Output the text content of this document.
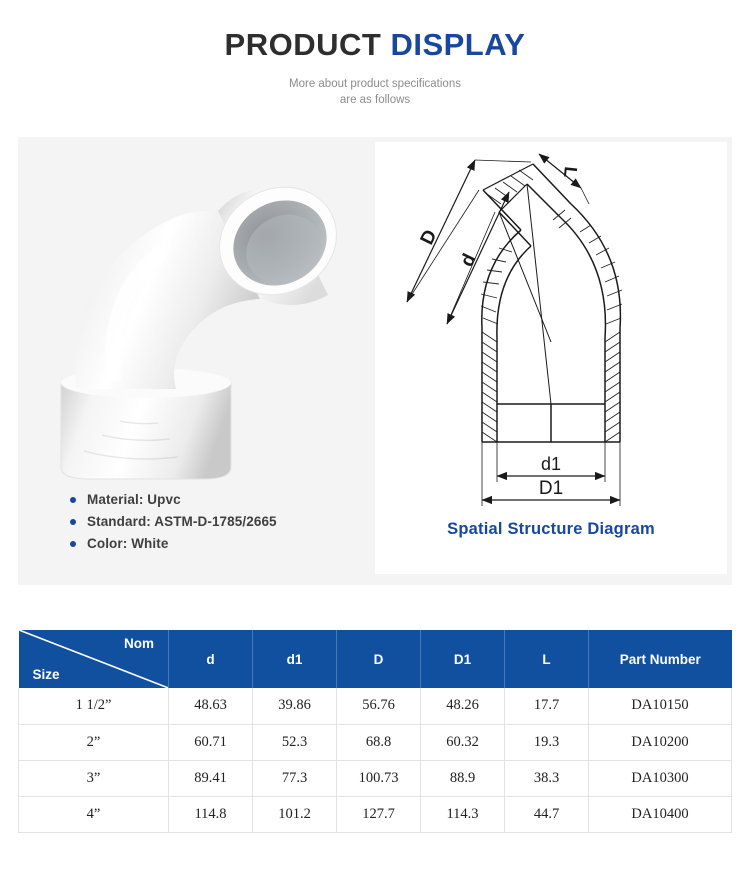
PRODUCT DISPLAY
More about product specifications
are as follows
Material: Upvc
Standard: ASTM-D-1785/2665
Color: White
D
d
L
d1
D1
Spatial Structure Diagram
Nom
Size	d	d1	D	D1	L	Part Number
1 1/2”	48.63	39.86	56.76	48.26	17.7	DA10150
2”	60.71	52.3	68.8	60.32	19.3	DA10200
3”	89.41	77.3	100.73	88.9	38.3	DA10300
4”	114.8	101.2	127.7	114.3	44.7	DA10400
